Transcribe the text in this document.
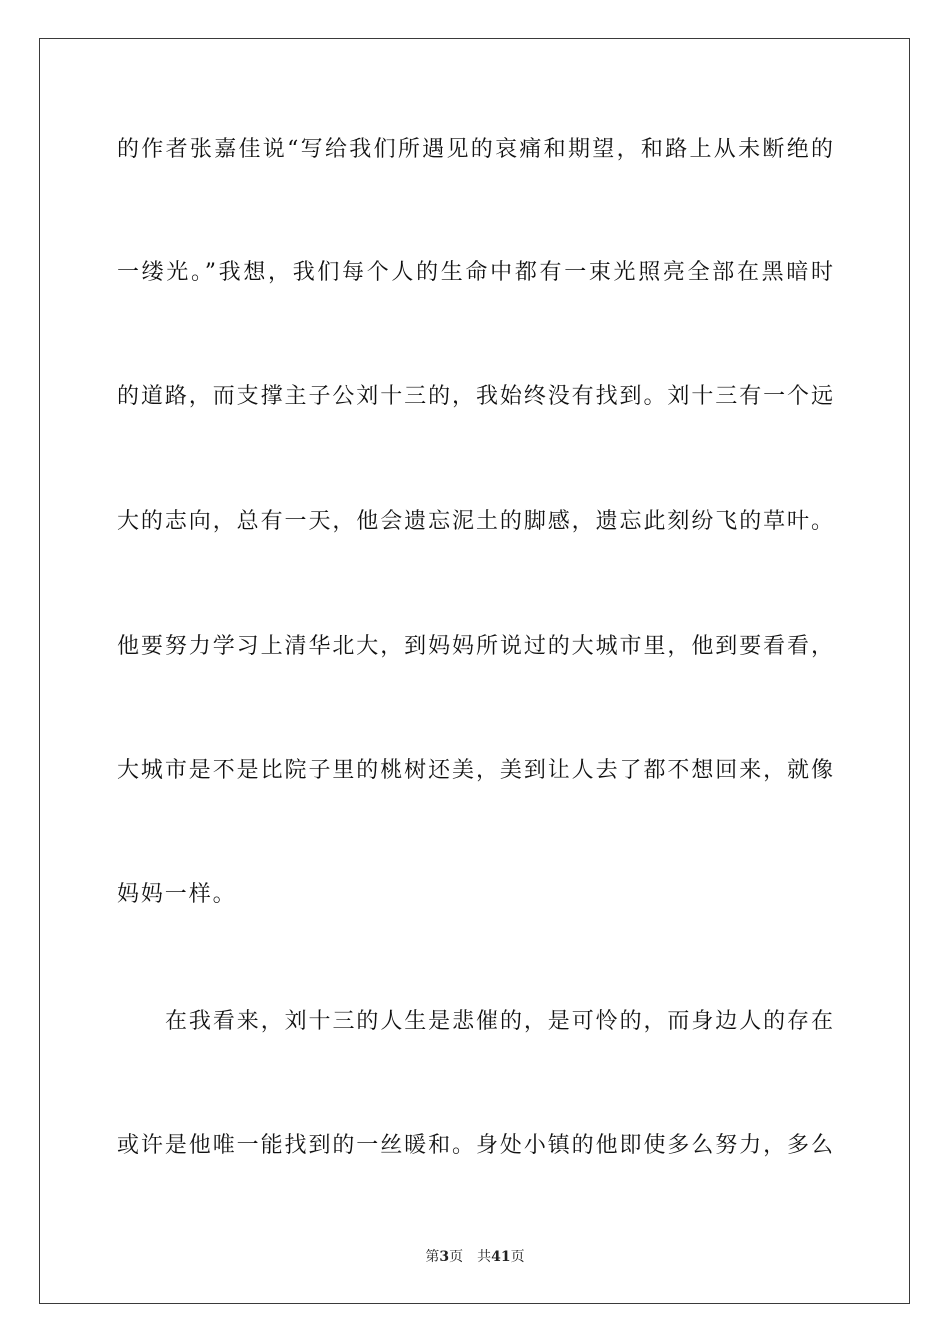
的作者张嘉佳说“写给我们所遇见的哀痛和期望，和路上从未断绝的
一缕光。”我想，我们每个人的生命中都有一束光照亮全部在黑暗时
的道路，而支撑主子公刘十三的，我始终没有找到。刘十三有一个远
大的志向，总有一天，他会遗忘泥土的脚感，遗忘此刻纷飞的草叶。
他要努力学习上清华北大，到妈妈所说过的大城市里，他到要看看，
大城市是不是比院子里的桃树还美，美到让人去了都不想回来，就像
妈妈一样。
在我看来，刘十三的人生是悲催的，是可怜的，而身边人的存在
或许是他唯一能找到的一丝暖和。身处小镇的他即使多么努力，多么
第3页 共41页
